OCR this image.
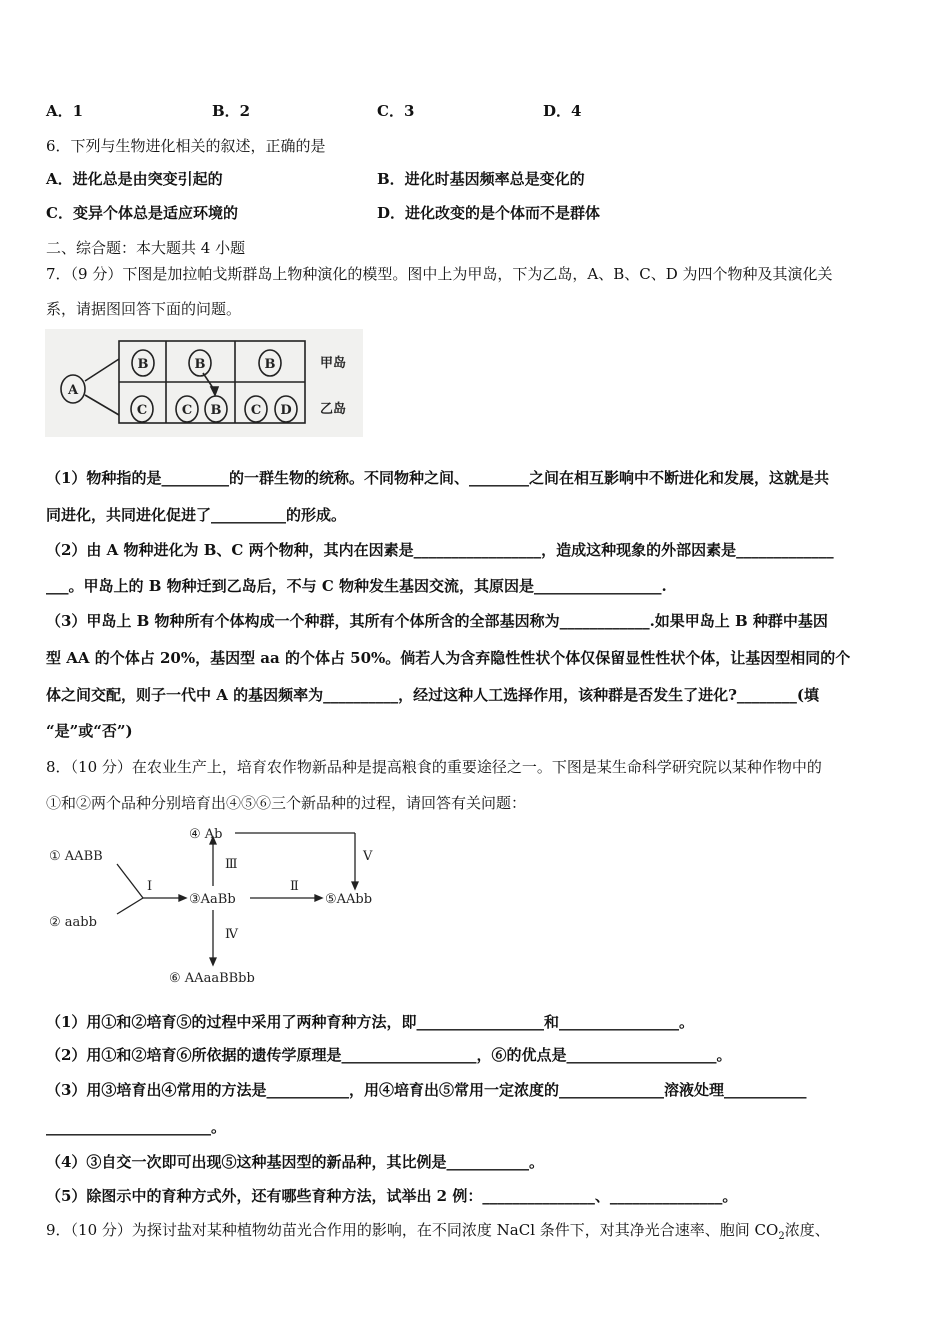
A．1	B．2	C．3	D．4
6．下列与生物进化相关的叙述，正确的是
A．进化总是由突变引起的	B．进化时基因频率总是变化的
C．变异个体总是适应环境的	D．进化改变的是个体而不是群体
二、综合题：本大题共 4 小题
7．（9 分）下图是加拉帕戈斯群岛上物种演化的模型。图中上为甲岛，下为乙岛，A、B、C、D 为四个物种及其演化关
系，请据图回答下面的问题。
A
B	B	B
C	C B C D
甲岛
乙岛
（1）物种指的是_________的一群生物的统称。不同物种之间、________之间在相互影响中不断进化和发展，这就是共
同进化，共同进化促进了__________的形成。
（2）由 A 物种进化为 B、C 两个物种，其内在因素是_________________，造成这种现象的外部因素是_____________
___。甲岛上的 B 物种迁到乙岛后，不与 C 物种发生基因交流，其原因是_________________.
（3）甲岛上 B 物种所有个体构成一个种群，其所有个体所含的全部基因称为____________.如果甲岛上 B 种群中基因
型 AA 的个体占 20%，基因型 aa 的个体占 50%。倘若人为含弃隐性性状个体仅保留显性性状个体，让基因型相同的个
体之间交配，则子一代中 A 的基因频率为__________，经过这种人工选择作用，该种群是否发生了进化?________(填
“是”或“否”)
8．（10 分）在农业生产上，培育农作物新品种是提高粮食的重要途径之一。下图是某生命科学研究院以某种作物中的
①和②两个品种分别培育出④⑤⑥三个新品种的过程，请回答有关问题：
① AABB
② aabb
③AaBb
④ Ab
⑤AAbb
⑥ AAaaBBbb
Ⅰ	Ⅱ
Ⅲ
Ⅳ
Ⅴ
（1）用①和②培育⑤的过程中采用了两种育种方法，即_________________和________________。
（2）用①和②培育⑥所依据的遗传学原理是__________________，⑥的优点是____________________。
（3）用③培育出④常用的方法是___________，用④培育出⑤常用一定浓度的______________溶液处理___________
______________________。
（4）③自交一次即可出现⑤这种基因型的新品种，其比例是___________。
（5）除图示中的育种方式外，还有哪些育种方法，试举出 2 例：_______________、_______________。
9．（10 分）为探讨盐对某种植物幼苗光合作用的影响，在不同浓度 NaCl 条件下，对其净光合速率、胞间 $CO_2$浓度、
